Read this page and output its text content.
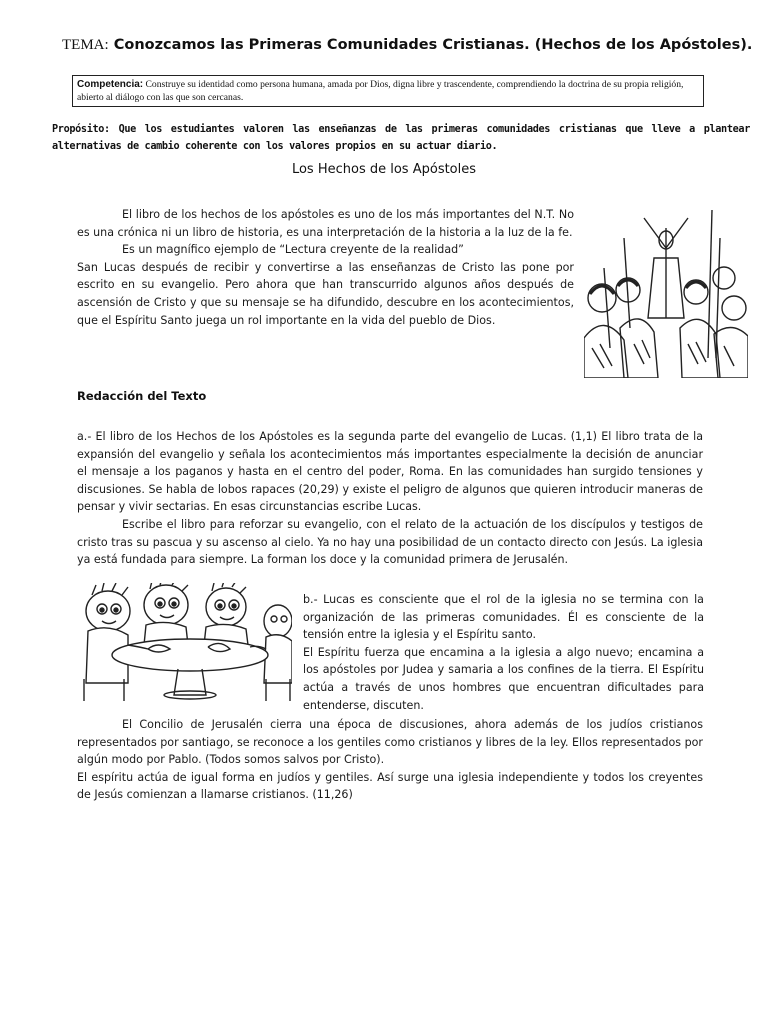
TEMA: Conozcamos las Primeras Comunidades Cristianas. (Hechos de los Apóstoles).
Competencia: Construye su identidad como persona humana, amada por Dios, digna libre y trascendente, comprendiendo la doctrina de su propia religión, abierto al diálogo con las que son cercanas.
Propósito: Que los estudiantes valoren las enseñanzas de las primeras comunidades cristianas que lleve a plantear alternativas de cambio coherente con los valores propios en su actuar diario.
Los Hechos de los Apóstoles

El libro de los hechos de los apóstoles es uno de los más importantes del N.T. No es una crónica ni un libro de historia, es una interpretación de la historia a la luz de la fe.

Es un magnífico ejemplo de “Lectura creyente de la realidad”

San Lucas después de recibir y convertirse a las enseñanzas de Cristo las pone por escrito en su evangelio. Pero ahora que han transcurrido algunos años después de ascensión de Cristo y que su mensaje se ha difundido, descubre en los acontecimientos, que el Espíritu Santo juega un rol importante en la vida del pueblo de Dios.

Redacción del Texto

a.- El libro de los Hechos de los Apóstoles es la segunda parte del evangelio de Lucas. (1,1) El libro trata de la expansión del evangelio y señala los acontecimientos más importantes especialmente la decisión de anunciar el mensaje a los paganos y hasta en el centro del poder, Roma. En las comunidades han surgido tensiones y discusiones. Se habla de lobos rapaces (20,29) y existe el peligro de algunos que quieren introducir maneras de pensar y vivir sectarias. En esas circunstancias escribe Lucas.

Escribe el libro para reforzar su evangelio, con el relato de la actuación de los discípulos y testigos de cristo tras su pascua y su ascenso al cielo. Ya no hay una posibilidad de un contacto directo con Jesús. La iglesia ya está fundada para siempre. La forman los doce y la comunidad primera de Jerusalén.

b.- Lucas es consciente que el rol de la iglesia no se termina con la organización de las primeras comunidades. Él es consciente de la tensión entre la iglesia y el Espíritu santo.

El Espíritu fuerza que encamina a la iglesia a algo nuevo; encamina a los apóstoles por Judea y samaria a los confines de la tierra. El Espíritu actúa a través de unos hombres que encuentran dificultades para entenderse, discuten.

El Concilio de Jerusalén cierra una época de discusiones, ahora además de los judíos cristianos representados por santiago, se reconoce a los gentiles como cristianos y libres de la ley. Ellos representados por algún modo por Pablo. (Todos somos salvos por Cristo).

El espíritu actúa de igual forma en judíos y gentiles. Así surge una iglesia independiente y todos los creyentes de Jesús comienzan a llamarse cristianos. (11,26)
